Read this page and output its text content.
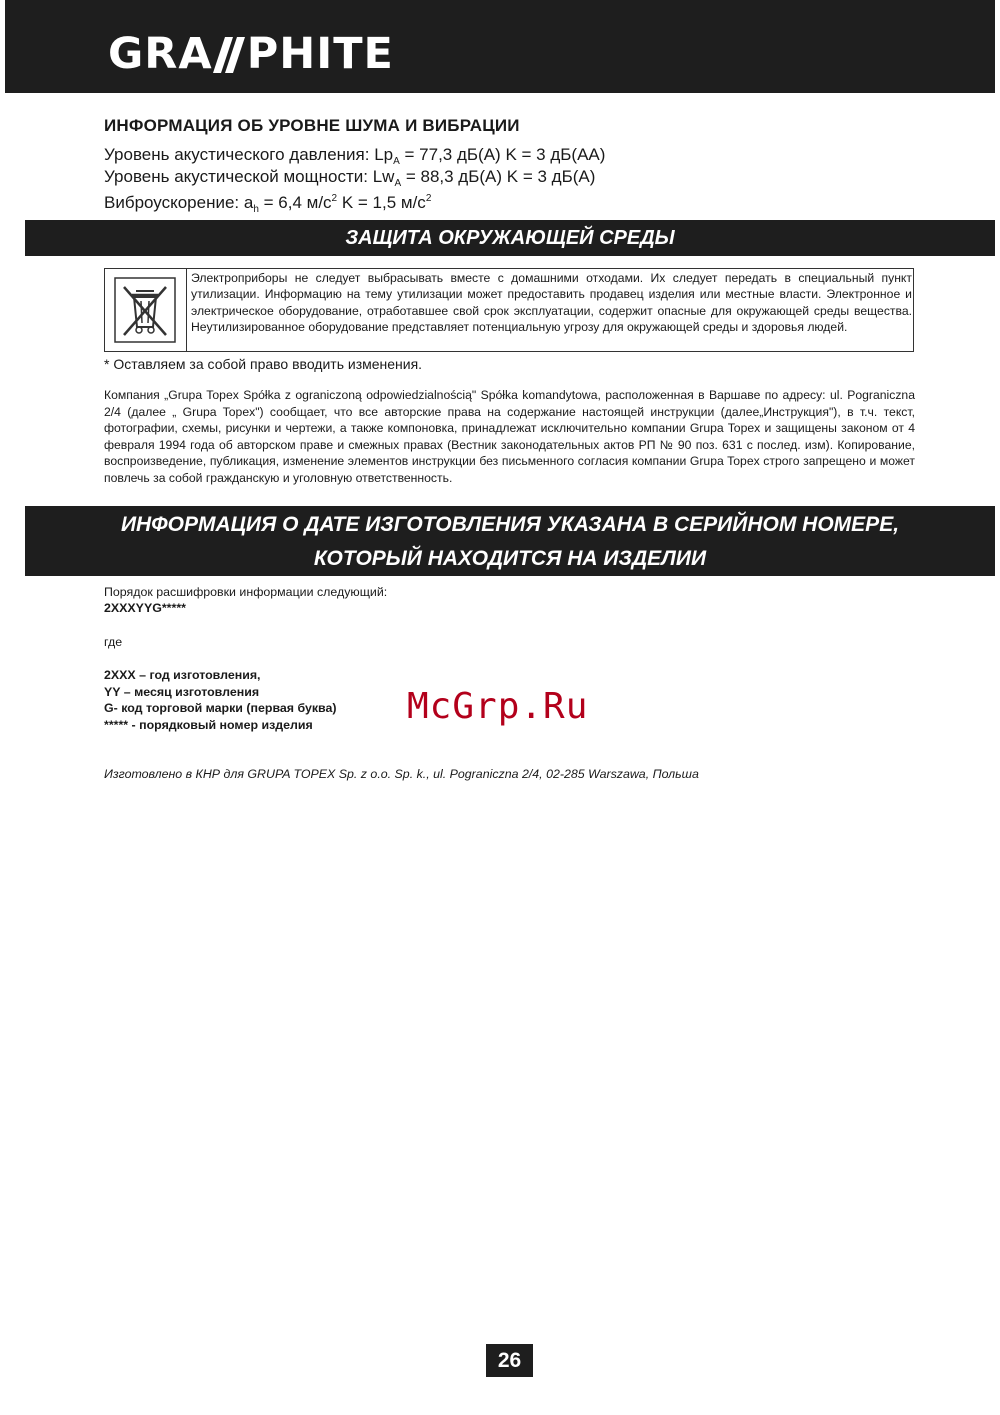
GRA PHITE
ИНФОРМАЦИЯ ОБ УРОВНЕ ШУМА И ВИБРАЦИИ
Уровень акустического давления: $Lp_A = 77,3$ дБ(A) K = 3 дБ(AA)
Уровень акустической мощности: $Lw_A = 88,3$ дБ(A) K = 3 дБ(A)
Виброускорение: $a_h = 6,4$ $м/с^2$ K = 1,5 $м/с^2$
ЗАЩИТА ОКРУЖАЮЩЕЙ СРЕДЫ
Электроприборы не следует выбрасывать вместе с домашними отходами. Их следует передать в специальный пункт утилизации. Информацию на тему утилизации может предоставить продавец изделия или местные власти. Электронное и электрическое оборудование, отработавшее свой срок эксплуатации, содержит опасные для окружающей среды вещества. Неутилизированное оборудование представляет потенциальную угрозу для окружающей среды и здоровья людей.
* Оставляем за собой право вводить изменения.
Компания „Grupa Topex Spółka z ograniczoną odpowiedzialnością" Spółka komandytowa, расположенная в Варшаве по адресу: ul. Pograniczna 2/4 (далее „ Grupa Topex") сообщает, что все авторские права на содержание настоящей инструкции (далее„Инструкция"), в т.ч. текст, фотографии, схемы, рисунки и чертежи, а также компоновка, принадлежат исключительно компании Grupa Topex и защищены законом от 4 февраля 1994 года об авторском праве и смежных правах (Вестник законодательных актов РП № 90 поз. 631 с послед. изм). Копирование, воспроизведение, публикация, изменение элементов инструкции без письменного согласия компании Grupa Topex строго запрещено и может повлечь за собой гражданскую и уголовную ответственность.
ИНФОРМАЦИЯ О ДАТЕ ИЗГОТОВЛЕНИЯ УКАЗАНА В СЕРИЙНОМ НОМЕРЕ,
КОТОРЫЙ НАХОДИТСЯ НА ИЗДЕЛИИ
Порядок расшифровки информации следующий:
2XXXYYG*****
где
2XXX – год изготовления,
YY – месяц изготовления
G- код торговой марки (первая буква)
***** - порядковый номер изделия	McGrp.Ru
Изготовлено в КНР для GRUPA TOPEX Sp. z o.o. Sp. k., ul. Pograniczna 2/4, 02-285 Warszawa, Польша
26
